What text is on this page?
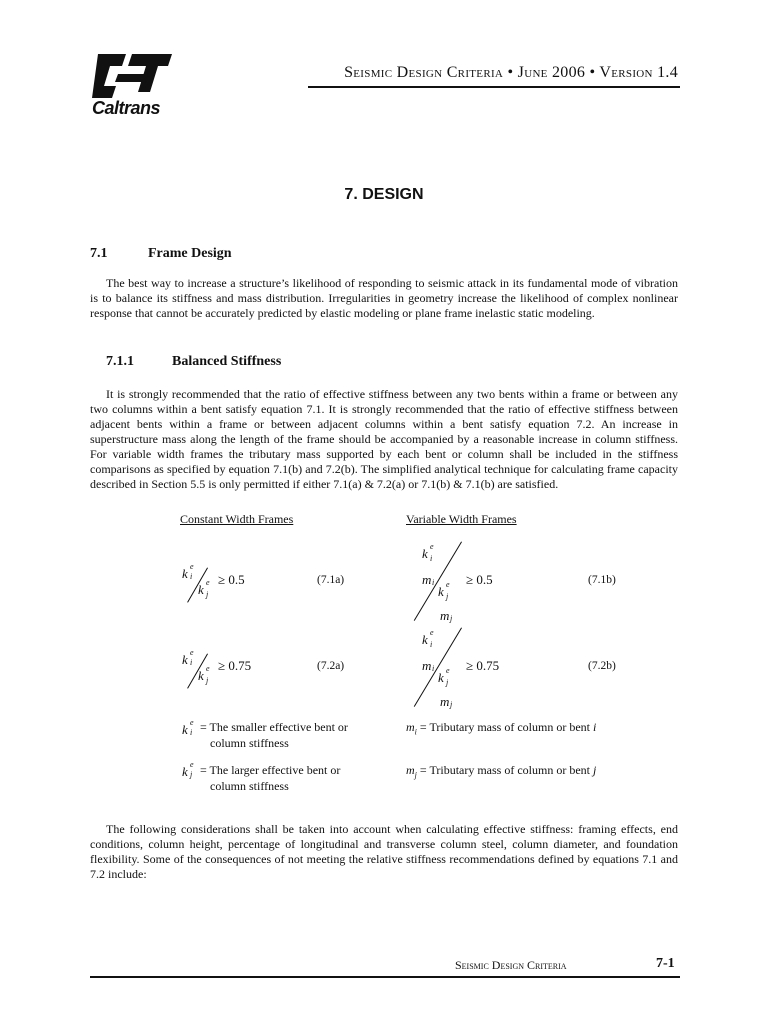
Caltrans
Seismic Design Criteria • June 2006 • Version 1.4
7. DESIGN
7.1	Frame Design
The best way to increase a structure’s likelihood of responding to seismic attack in its fundamental mode of vibration is to balance its stiffness and mass distribution. Irregularities in geometry increase the likelihood of complex nonlinear response that cannot be accurately predicted by elastic modeling or plane frame inelastic static modeling.
7.1.1	Balanced Stiffness
It is strongly recommended that the ratio of effective stiffness between any two bents within a frame or between any two columns within a bent satisfy equation 7.1. It is strongly recommended that the ratio of effective stiffness between adjacent bents within a frame or between adjacent columns within a bent satisfy equation 7.2. An increase in superstructure mass along the length of the frame should be accompanied by a reasonable increase in column stiffness. For variable width frames the tributary mass supported by each bent or column shall be included in the stiffness comparisons as specified by equation 7.1(b) and 7.2(b). The simplified analytical technique for calculating frame capacity described in Section 5.5 is only permitted if either 7.1(a) & 7.2(a) or 7.1(b) & 7.1(b) are satisfied.
Constant Width Frames	Variable Width Frames
k e
i
k e
j
≥ 0.5	(7.1a)
k e
i
m i
k e
j
m j
≥ 0.5	(7.1b)
k e
i
k e
j
≥ 0.75	(7.2a)
k e
i
m i
k e
j
m j
≥ 0.75	(7.2b)
k e
i = The smaller effective bent or
column stiffness
$m_i$ = Tributary mass of column or bent i
k e
j = The larger effective bent or
column stiffness
$m_j$ = Tributary mass of column or bent j
The following considerations shall be taken into account when calculating effective stiffness: framing effects, end conditions, column height, percentage of longitudinal and transverse column steel, column diameter, and foundation flexibility. Some of the consequences of not meeting the relative stiffness recommendations defined by equations 7.1 and 7.2 include:
Seismic Design Criteria	7-1
